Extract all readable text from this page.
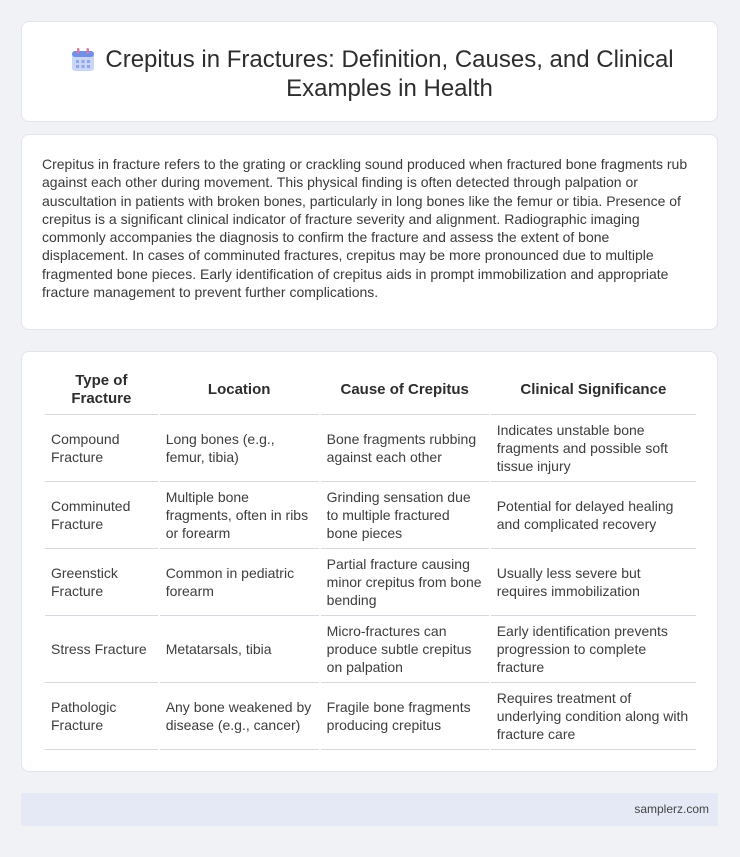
Crepitus in Fractures: Definition, Causes, and Clinical Examples in Health

Crepitus in fracture refers to the grating or crackling sound produced when fractured bone fragments rub against each other during movement. This physical finding is often detected through palpation or auscultation in patients with broken bones, particularly in long bones like the femur or tibia. Presence of crepitus is a significant clinical indicator of fracture severity and alignment. Radiographic imaging commonly accompanies the diagnosis to confirm the fracture and assess the extent of bone displacement. In cases of comminuted fractures, crepitus may be more pronounced due to multiple fragmented bone pieces. Early identification of crepitus aids in prompt immobilization and appropriate fracture management to prevent further complications.

Type of Fracture	Location	Cause of Crepitus	Clinical Significance
Compound Fracture	Long bones (e.g., femur, tibia)	Bone fragments rubbing against each other	Indicates unstable bone fragments and possible soft tissue injury
Comminuted Fracture	Multiple bone fragments, often in ribs or forearm	Grinding sensation due to multiple fractured bone pieces	Potential for delayed healing and complicated recovery
Greenstick Fracture	Common in pediatric forearm	Partial fracture causing minor crepitus from bone bending	Usually less severe but requires immobilization
Stress Fracture	Metatarsals, tibia	Micro-fractures can produce subtle crepitus on palpation	Early identification prevents progression to complete fracture
Pathologic Fracture	Any bone weakened by disease (e.g., cancer)	Fragile bone fragments producing crepitus	Requires treatment of underlying condition along with fracture care
samplerz.com
